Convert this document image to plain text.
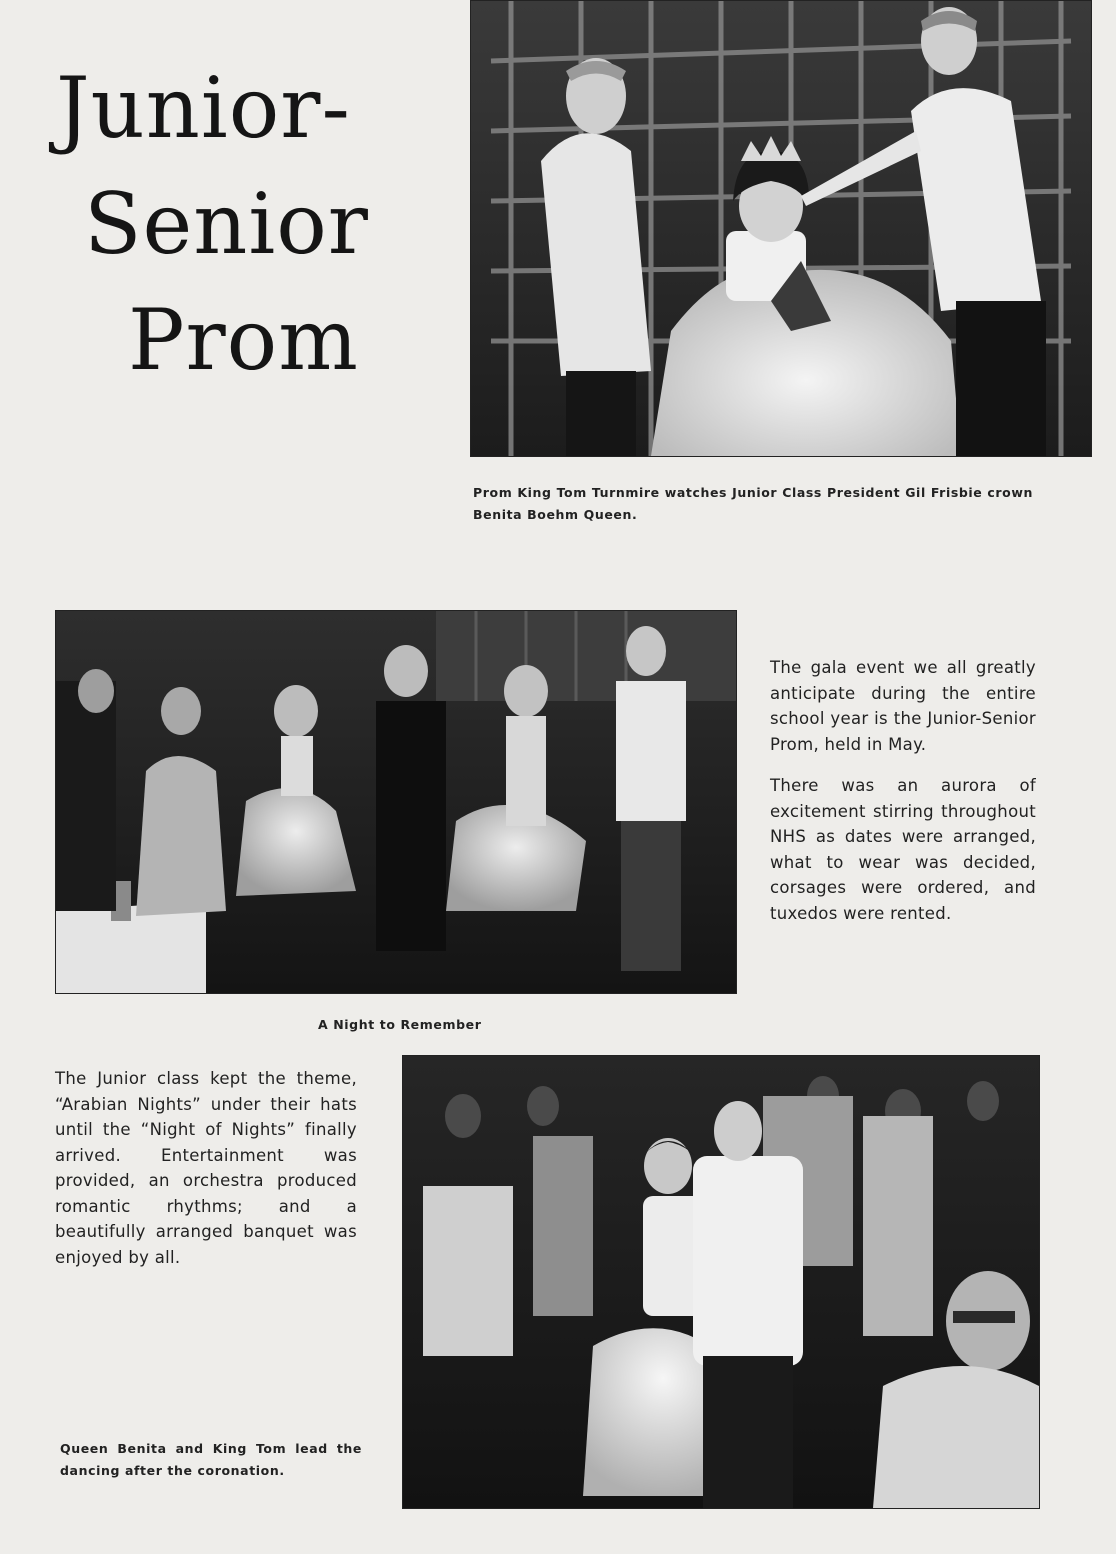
Junior-
Senior
Prom
Prom King Tom Turnmire watches Junior Class President Gil Frisbie crown Benita Boehm Queen.
A Night to Remember

The gala event we all greatly anticipate during the entire school year is the Junior-Senior Prom, held in May.

There was an aurora of excitement stirring throughout NHS as dates were arranged, what to wear was decided, corsages were ordered, and tuxedos were rented.

The Junior class kept the theme, “Arabian Nights” under their hats until the “Night of Nights” finally arrived. Entertainment was provided, an orchestra produced romantic rhythms; and a beautifully arranged banquet was enjoyed by all.

Queen Benita and King Tom lead the dancing after the coronation.
